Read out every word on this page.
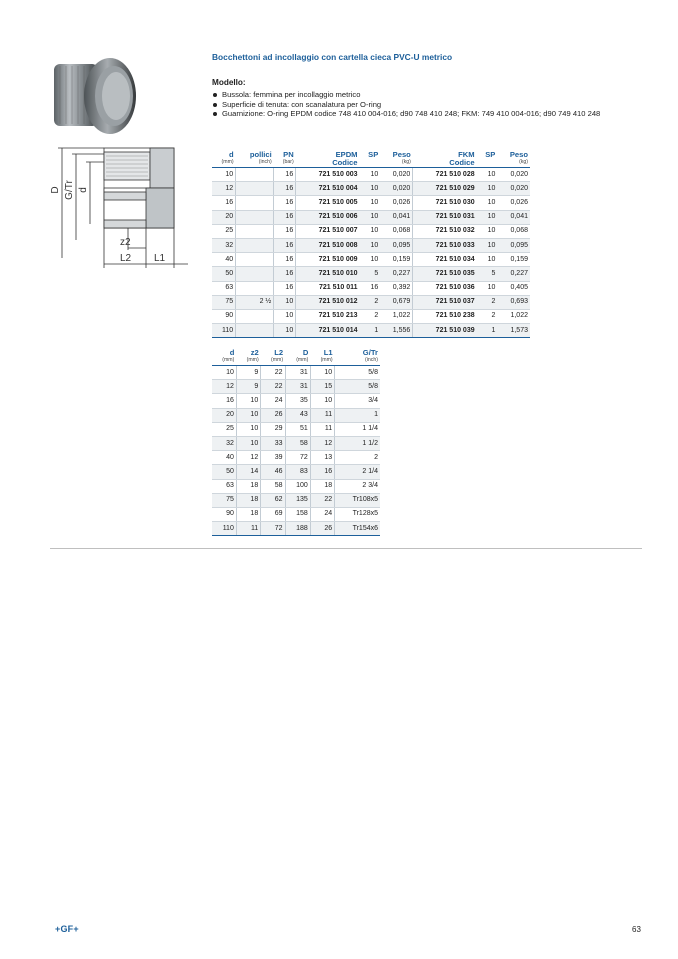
D G/Tr d
z2
L2 L1
Bocchettoni ad incollaggio con cartella cieca PVC-U metrico
Modello:
Bussola: femmina per incollaggio metrico
Superficie di tenuta: con scanalatura per O-ring
Guarnizione: O-ring EPDM codice 748 410 004-016; d90 748 410 248; FKM: 749 410 004-016; d90 749 410 248
d	pollici	PN	EPDM	SP	Peso	FKM	SP	Peso
(mm)	(inch)	(bar)	Codice		(kg)	Codice		(kg)
10		16	721 510 003	10	0,020	721 510 028	10	0,020
12		16	721 510 004	10	0,020	721 510 029	10	0,020
16		16	721 510 005	10	0,026	721 510 030	10	0,026
20		16	721 510 006	10	0,041	721 510 031	10	0,041
25		16	721 510 007	10	0,068	721 510 032	10	0,068
32		16	721 510 008	10	0,095	721 510 033	10	0,095
40		16	721 510 009	10	0,159	721 510 034	10	0,159
50		16	721 510 010	5	0,227	721 510 035	5	0,227
63		16	721 510 011	16	0,392	721 510 036	10	0,405
75	2 ½	10	721 510 012	2	0,679	721 510 037	2	0,693
90		10	721 510 213	2	1,022	721 510 238	2	1,022
110		10	721 510 014	1	1,556	721 510 039	1	1,573
d	z2	L2	D	L1	G/Tr
(mm)	(mm)	(mm)	(mm)	(mm)	(inch)
10	9	22	31	10	5/8
12	9	22	31	15	5/8
16	10	24	35	10	3/4
20	10	26	43	11	1
25	10	29	51	11	1 1/4
32	10	33	58	12	1 1/2
40	12	39	72	13	2
50	14	46	83	16	2 1/4
63	18	58	100	18	2 3/4
75	18	62	135	22	Tr108x5
90	18	69	158	24	Tr128x5
110	11	72	188	26	Tr154x6
+GF+	63
